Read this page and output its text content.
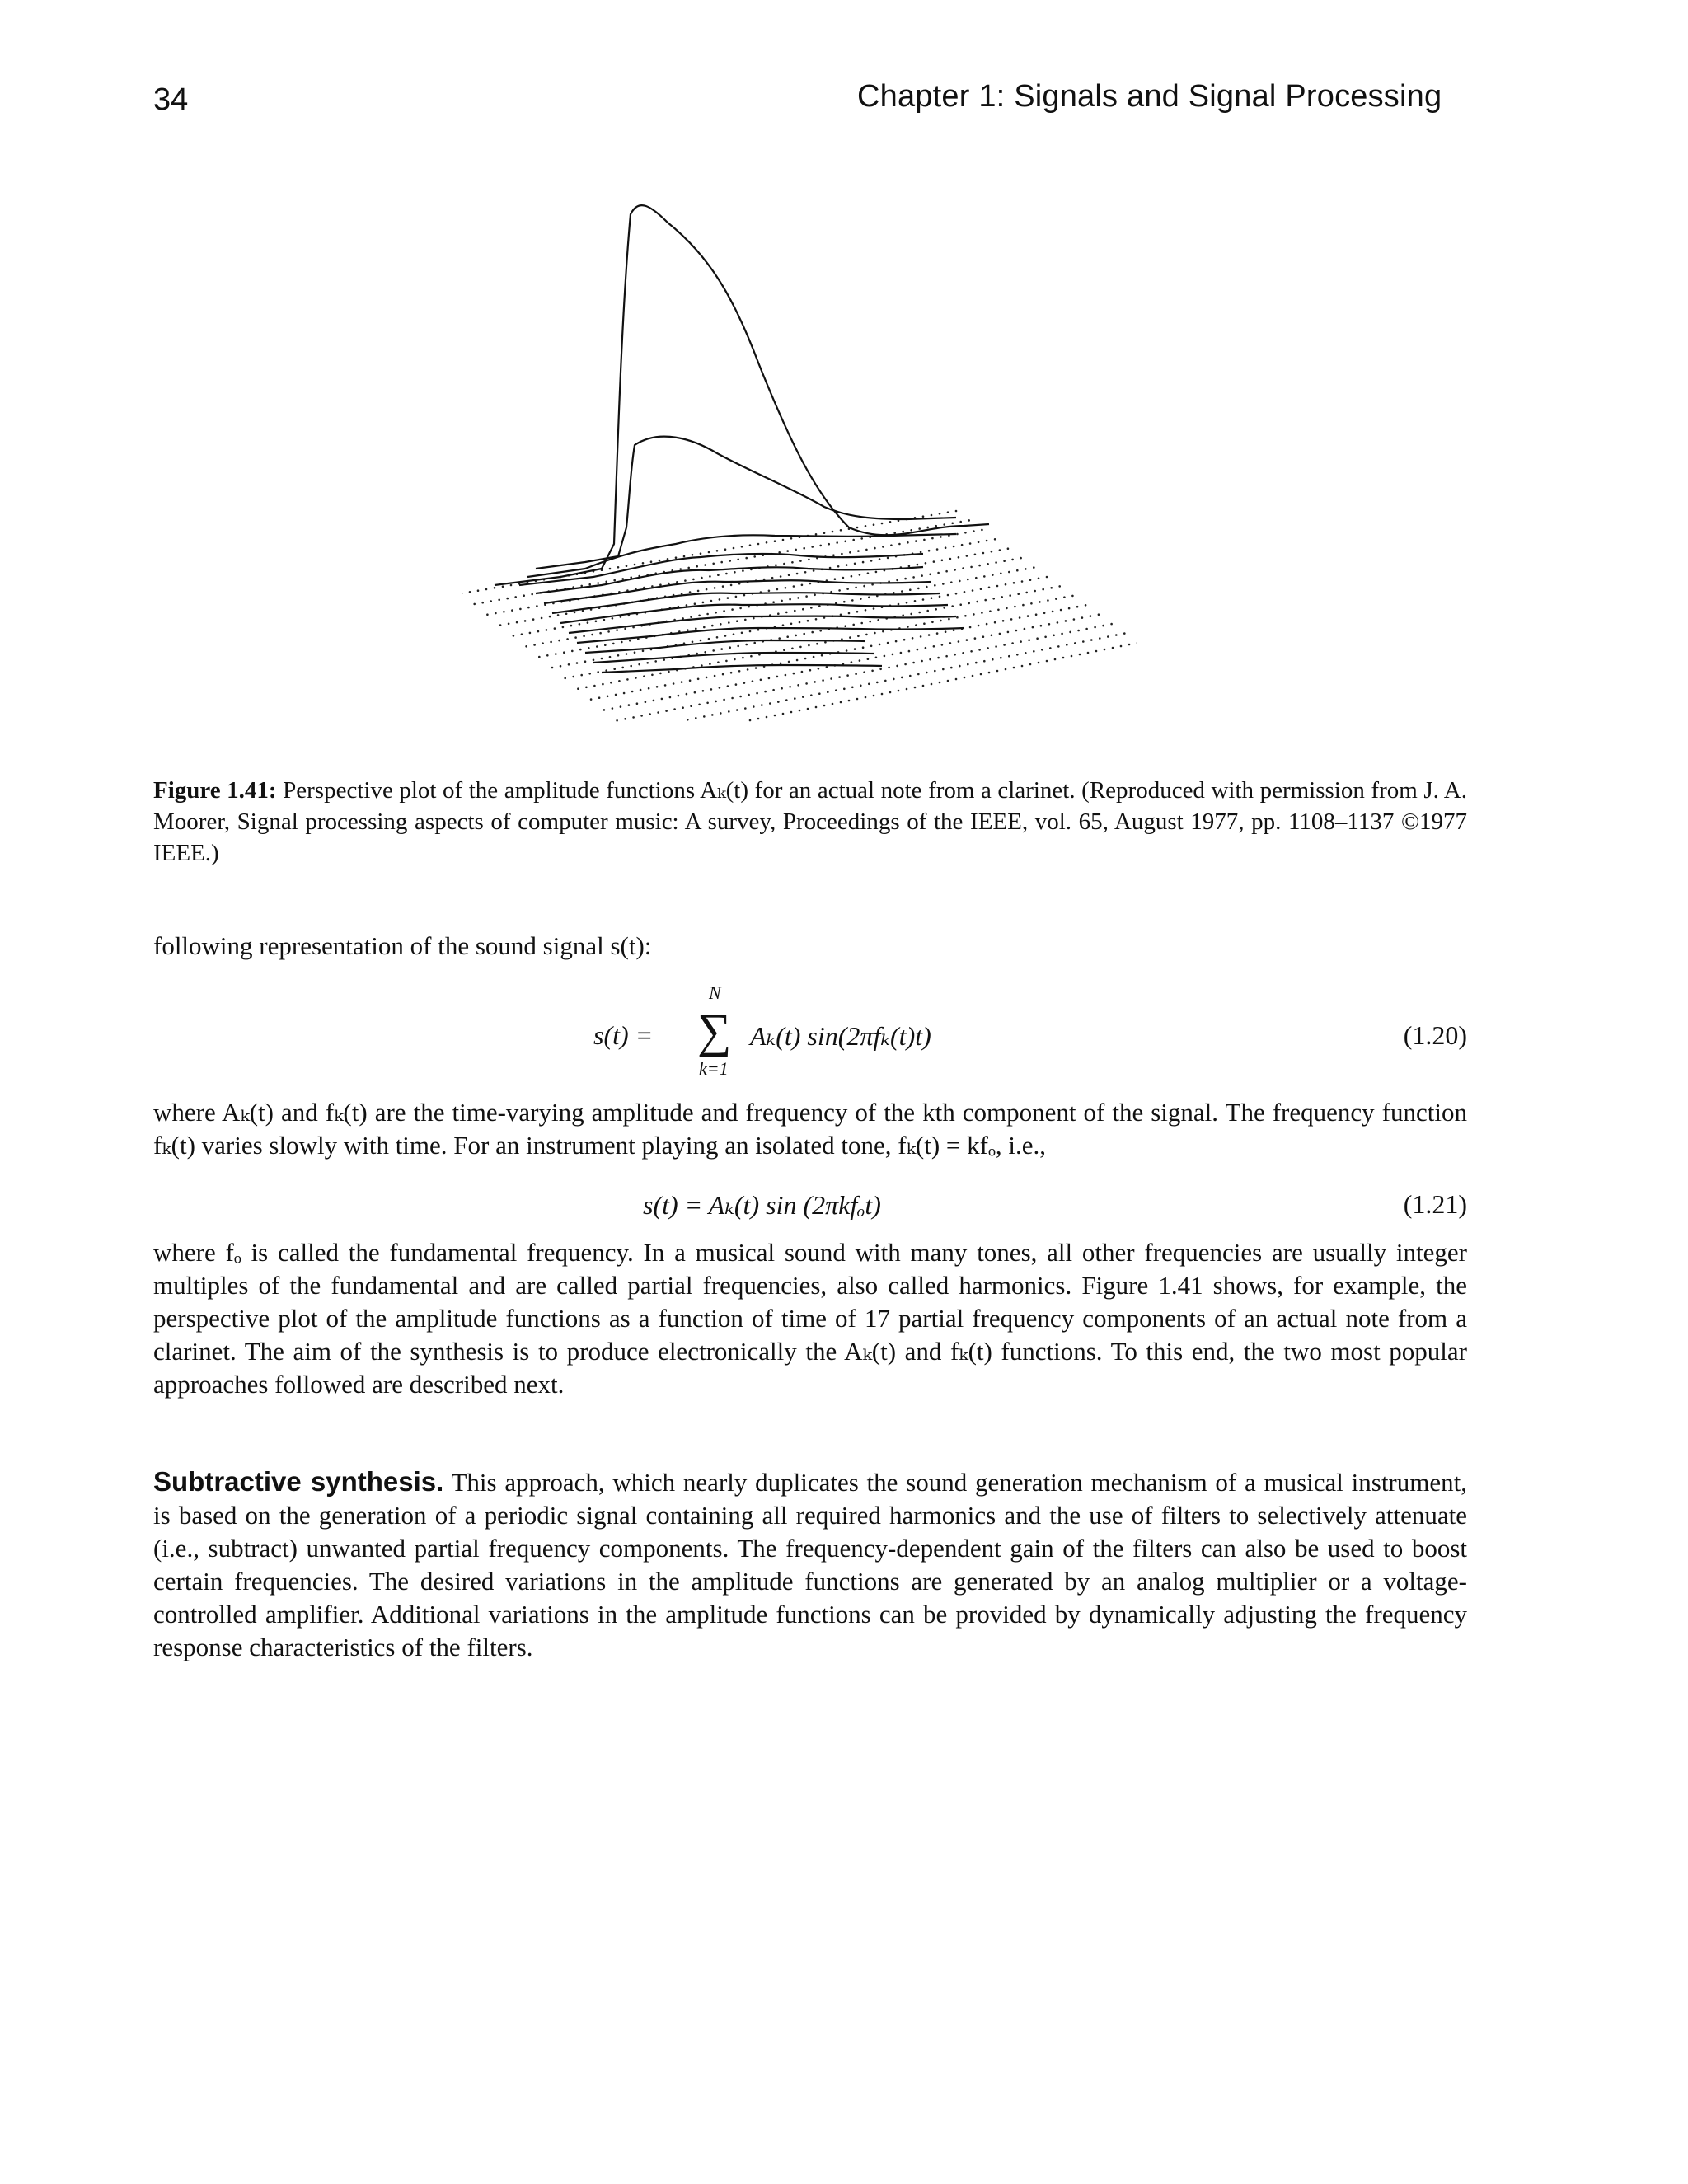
34	Chapter 1: Signals and Signal Processing
Figure 1.41: Perspective plot of the amplitude functions Aₖ(t) for an actual note from a clarinet. (Reproduced with permission from J. A. Moorer, Signal processing aspects of computer music: A survey, Proceedings of the IEEE, vol. 65, August 1977, pp. 1108–1137 ©1977 IEEE.)
following representation of the sound signal s(t):
s(t) =
N
∑
k=1
Aₖ(t) sin(2πfₖ(t)t)	(1.20)
where Aₖ(t) and fₖ(t) are the time-varying amplitude and frequency of the kth component of the signal. The frequency function fₖ(t) varies slowly with time. For an instrument playing an isolated tone, fₖ(t) = kfₒ, i.e.,
s(t) = Aₖ(t) sin (2πkfₒt)	(1.21)
where fₒ is called the fundamental frequency. In a musical sound with many tones, all other frequencies are usually integer multiples of the fundamental and are called partial frequencies, also called harmonics. Figure 1.41 shows, for example, the perspective plot of the amplitude functions as a function of time of 17 partial frequency components of an actual note from a clarinet. The aim of the synthesis is to produce electronically the Aₖ(t) and fₖ(t) functions. To this end, the two most popular approaches followed are described next.
Subtractive synthesis. This approach, which nearly duplicates the sound generation mechanism of a musical instrument, is based on the generation of a periodic signal containing all required harmonics and the use of filters to selectively attenuate (i.e., subtract) unwanted partial frequency components. The frequency-dependent gain of the filters can also be used to boost certain frequencies. The desired variations in the amplitude functions are generated by an analog multiplier or a voltage-controlled amplifier. Additional variations in the amplitude functions can be provided by dynamically adjusting the frequency response characteristics of the filters.
